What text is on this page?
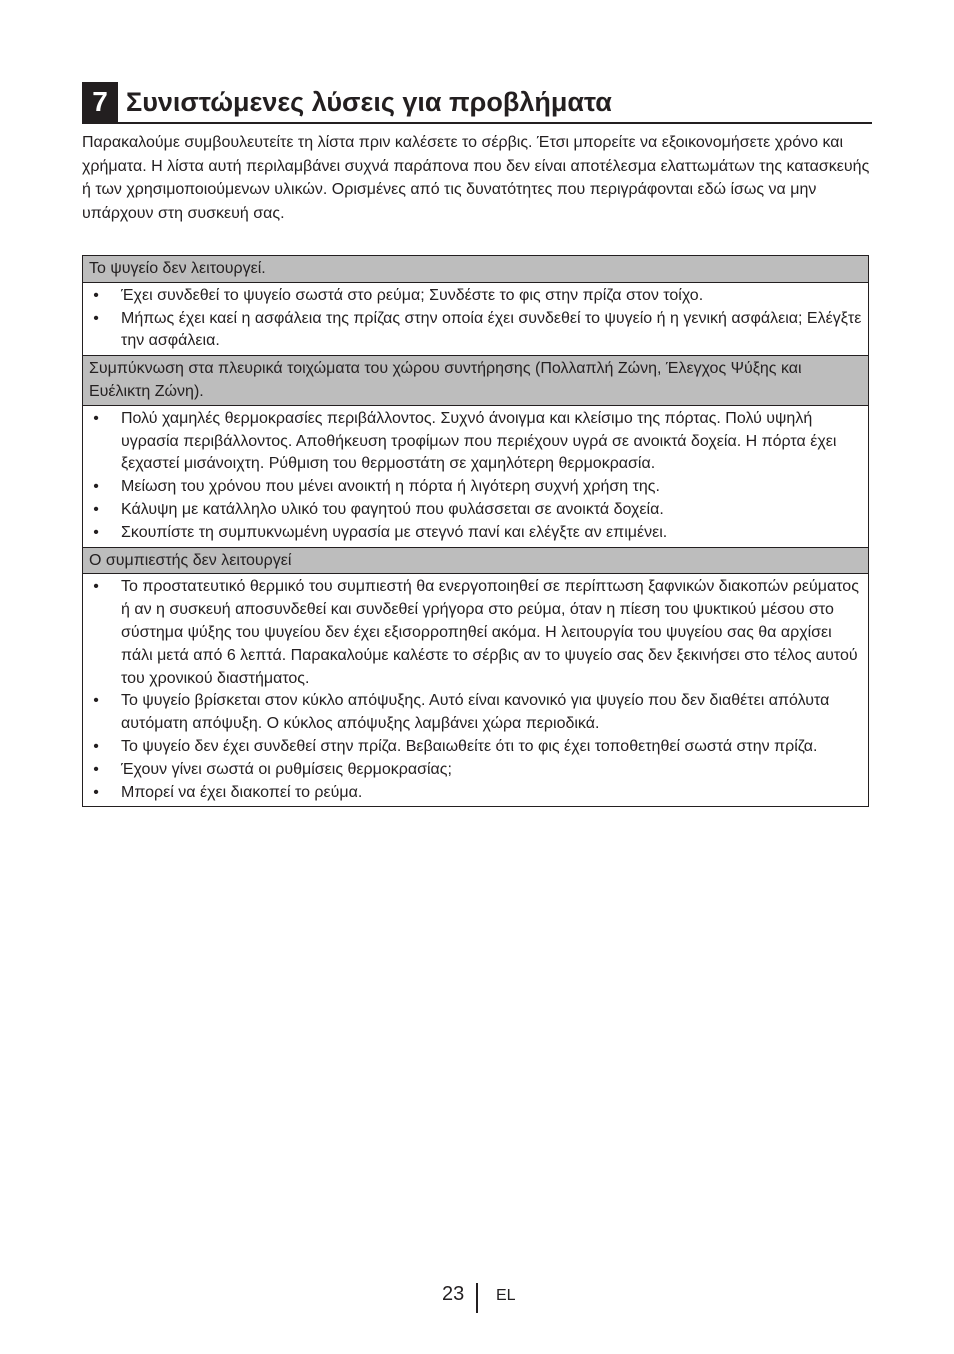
7 Συνιστώμενες λύσεις για προβλήματα

Παρακαλούμε συμβουλευτείτε τη λίστα πριν καλέσετε το σέρβις. Έτσι μπορείτε να εξοικονομήσετε χρόνο και χρήματα. Η λίστα αυτή περιλαμβάνει συχνά παράπονα που δεν είναι αποτέλεσμα ελαττωμάτων της κατασκευής ή των χρησιμοποιούμενων υλικών. Ορισμένες από τις δυνατότητες που περιγράφονται εδώ ίσως να μην υπάρχουν στη συσκευή σας.

Το ψυγείο δεν λειτουργεί.
• Έχει συνδεθεί το ψυγείο σωστά στο ρεύμα; Συνδέστε το φις στην πρίζα στον τοίχο.
• Μήπως έχει καεί η ασφάλεια της πρίζας στην οποία έχει συνδεθεί το ψυγείο ή η γενική ασφάλεια; Ελέγξτε την ασφάλεια.
Συμπύκνωση στα πλευρικά τοιχώματα του χώρου συντήρησης (Πολλαπλή Ζώνη, Έλεγχος Ψύξης και Ευέλικτη Ζώνη).
• Πολύ χαμηλές θερμοκρασίες περιβάλλοντος. Συχνό άνοιγμα και κλείσιμο της πόρτας. Πολύ υψηλή υγρασία περιβάλλοντος. Αποθήκευση τροφίμων που περιέχουν υγρά σε ανοικτά δοχεία. Η πόρτα έχει ξεχαστεί μισάνοιχτη. Ρύθμιση του θερμοστάτη σε χαμηλότερη θερμοκρασία.
• Μείωση του χρόνου που μένει ανοικτή η πόρτα ή λιγότερη συχνή χρήση της.
• Κάλυψη με κατάλληλο υλικό του φαγητού που φυλάσσεται σε ανοικτά δοχεία.
• Σκουπίστε τη συμπυκνωμένη υγρασία με στεγνό πανί και ελέγξτε αν επιμένει.
Ο συμπιεστής δεν λειτουργεί
• Το προστατευτικό θερμικό του συμπιεστή θα ενεργοποιηθεί σε περίπτωση ξαφνικών διακοπών ρεύματος ή αν η συσκευή αποσυνδεθεί και συνδεθεί γρήγορα στο ρεύμα, όταν η πίεση του ψυκτικού μέσου στο σύστημα ψύξης του ψυγείου δεν έχει εξισορροπηθεί ακόμα. Η λειτουργία του ψυγείου σας θα αρχίσει πάλι μετά από 6 λεπτά. Παρακαλούμε καλέστε το σέρβις αν το ψυγείο σας δεν ξεκινήσει στο τέλος αυτού του χρονικού διαστήματος.
• Το ψυγείο βρίσκεται στον κύκλο απόψυξης. Αυτό είναι κανονικό για ψυγείο που δεν διαθέτει απόλυτα αυτόματη απόψυξη. Ο κύκλος απόψυξης λαμβάνει χώρα περιοδικά.
• Το ψυγείο δεν έχει συνδεθεί στην πρίζα. Βεβαιωθείτε ότι το φις έχει τοποθετηθεί σωστά στην πρίζα.
• Έχουν γίνει σωστά οι ρυθμίσεις θερμοκρασίας;
• Μπορεί να έχει διακοπεί το ρεύμα.
23 EL
